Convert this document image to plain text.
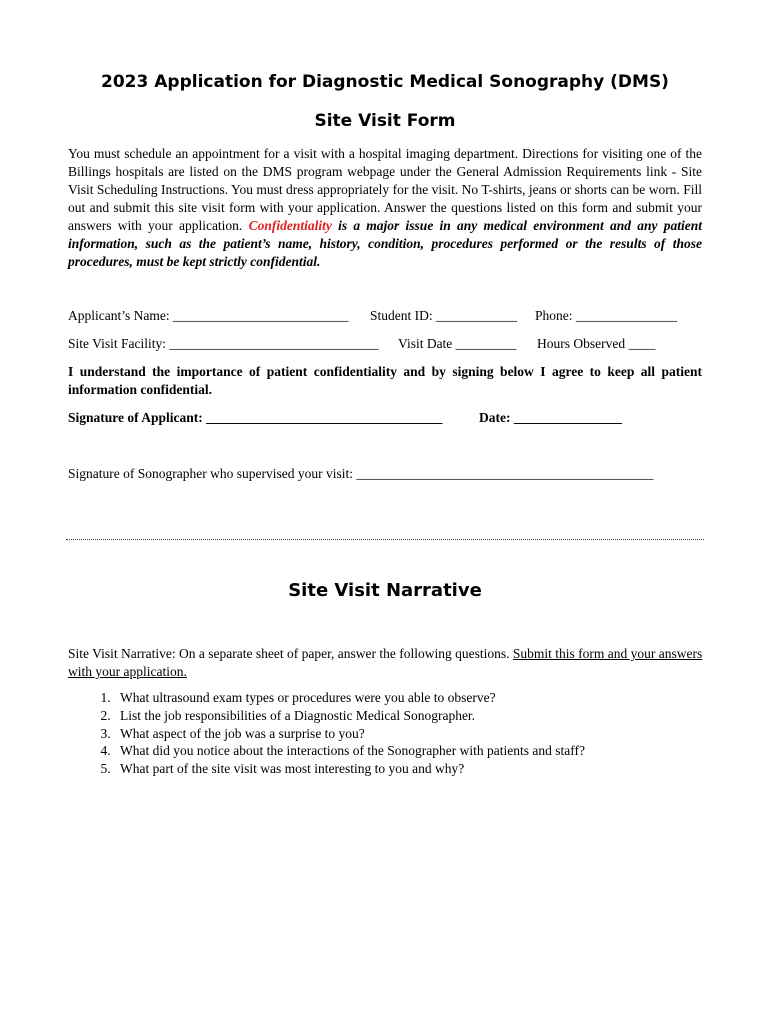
2023 Application for Diagnostic Medical Sonography (DMS)
Site Visit Form
You must schedule an appointment for a visit with a hospital imaging department. Directions for visiting one of the Billings hospitals are listed on the DMS program webpage under the General Admission Requirements link - Site Visit Scheduling Instructions. You must dress appropriately for the visit. No T-shirts, jeans or shorts can be worn. Fill out and submit this site visit form with your application. Answer the questions listed on this form and submit your answers with your application. Confidentiality is a major issue in any medical environment and any patient information, such as the patient’s name, history, condition, procedures performed or the results of those procedures, must be kept strictly confidential.
Applicant’s Name: __________________________ Student ID: ____________ Phone: _______________
Site Visit Facility: _______________________________ Visit Date _________ Hours Observed ____
I understand the importance of patient confidentiality and by signing below I agree to keep all patient information confidential.
Signature of Applicant: ___________________________________	Date: ________________
Signature of Sonographer who supervised your visit: ____________________________________________
Site Visit Narrative
Site Visit Narrative: On a separate sheet of paper, answer the following questions. Submit this form and your answers with your application.
1. What ultrasound exam types or procedures were you able to observe?
2. List the job responsibilities of a Diagnostic Medical Sonographer.
3. What aspect of the job was a surprise to you?
4. What did you notice about the interactions of the Sonographer with patients and staff?
5. What part of the site visit was most interesting to you and why?
